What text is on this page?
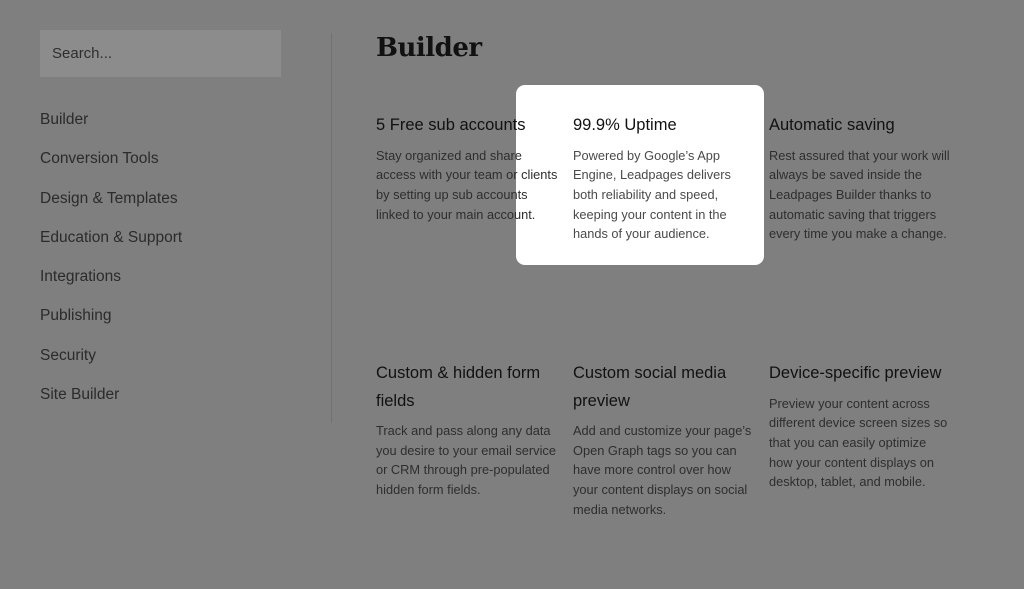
Search...
Builder
Conversion Tools
Design & Templates
Education & Support
Integrations
Publishing
Security
Site Builder
Builder
5 Free sub accounts

Stay organized and share access with your team or clients by setting up sub accounts linked to your main account.

99.9% Uptime

Powered by Google’s App Engine, Leadpages delivers both reliability and speed, keeping your content in the hands of your audience.

Automatic saving

Rest assured that your work will always be saved inside the Leadpages Builder thanks to automatic saving that triggers every time you make a change.

Custom & hidden form fields

Track and pass along any data you desire to your email service or CRM through pre-populated hidden form fields.

Custom social media preview

Add and customize your page’s Open Graph tags so you can have more control over how your content displays on social media networks.

Device-specific preview

Preview your content across different device screen sizes so that you can easily optimize how your content displays on desktop, tablet, and mobile.
